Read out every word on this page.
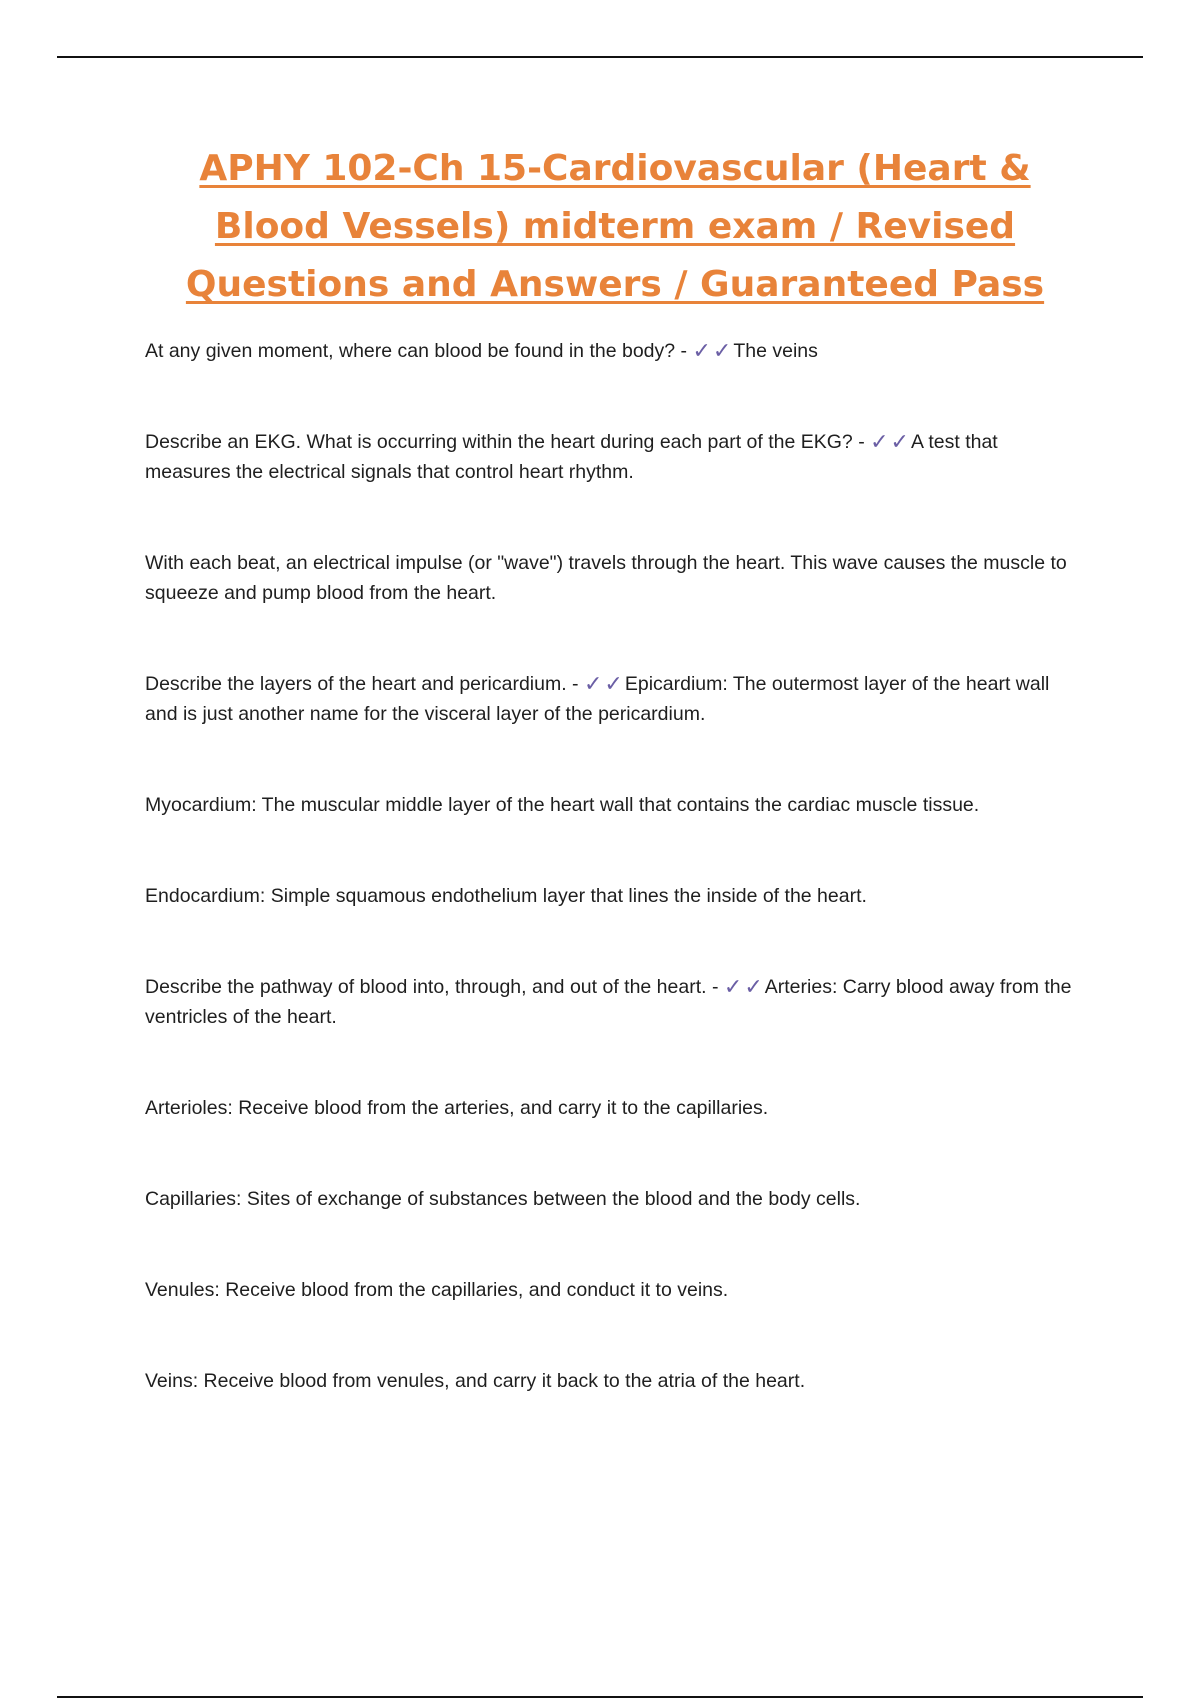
APHY 102-Ch 15-Cardiovascular (Heart & Blood Vessels) midterm exam / Revised Questions and Answers / Guaranteed Pass

At any given moment, where can blood be found in the body? - ✓✓The veins

Describe an EKG. What is occurring within the heart during each part of the EKG? - ✓✓A test that measures the electrical signals that control heart rhythm.

With each beat, an electrical impulse (or "wave") travels through the heart. This wave causes the muscle to squeeze and pump blood from the heart.

Describe the layers of the heart and pericardium. - ✓✓Epicardium: The outermost layer of the heart wall and is just another name for the visceral layer of the pericardium.

Myocardium: The muscular middle layer of the heart wall that contains the cardiac muscle tissue.

Endocardium: Simple squamous endothelium layer that lines the inside of the heart.

Describe the pathway of blood into, through, and out of the heart. - ✓✓Arteries: Carry blood away from the ventricles of the heart.

Arterioles: Receive blood from the arteries, and carry it to the capillaries.

Capillaries: Sites of exchange of substances between the blood and the body cells.

Venules: Receive blood from the capillaries, and conduct it to veins.

Veins: Receive blood from venules, and carry it back to the atria of the heart.
